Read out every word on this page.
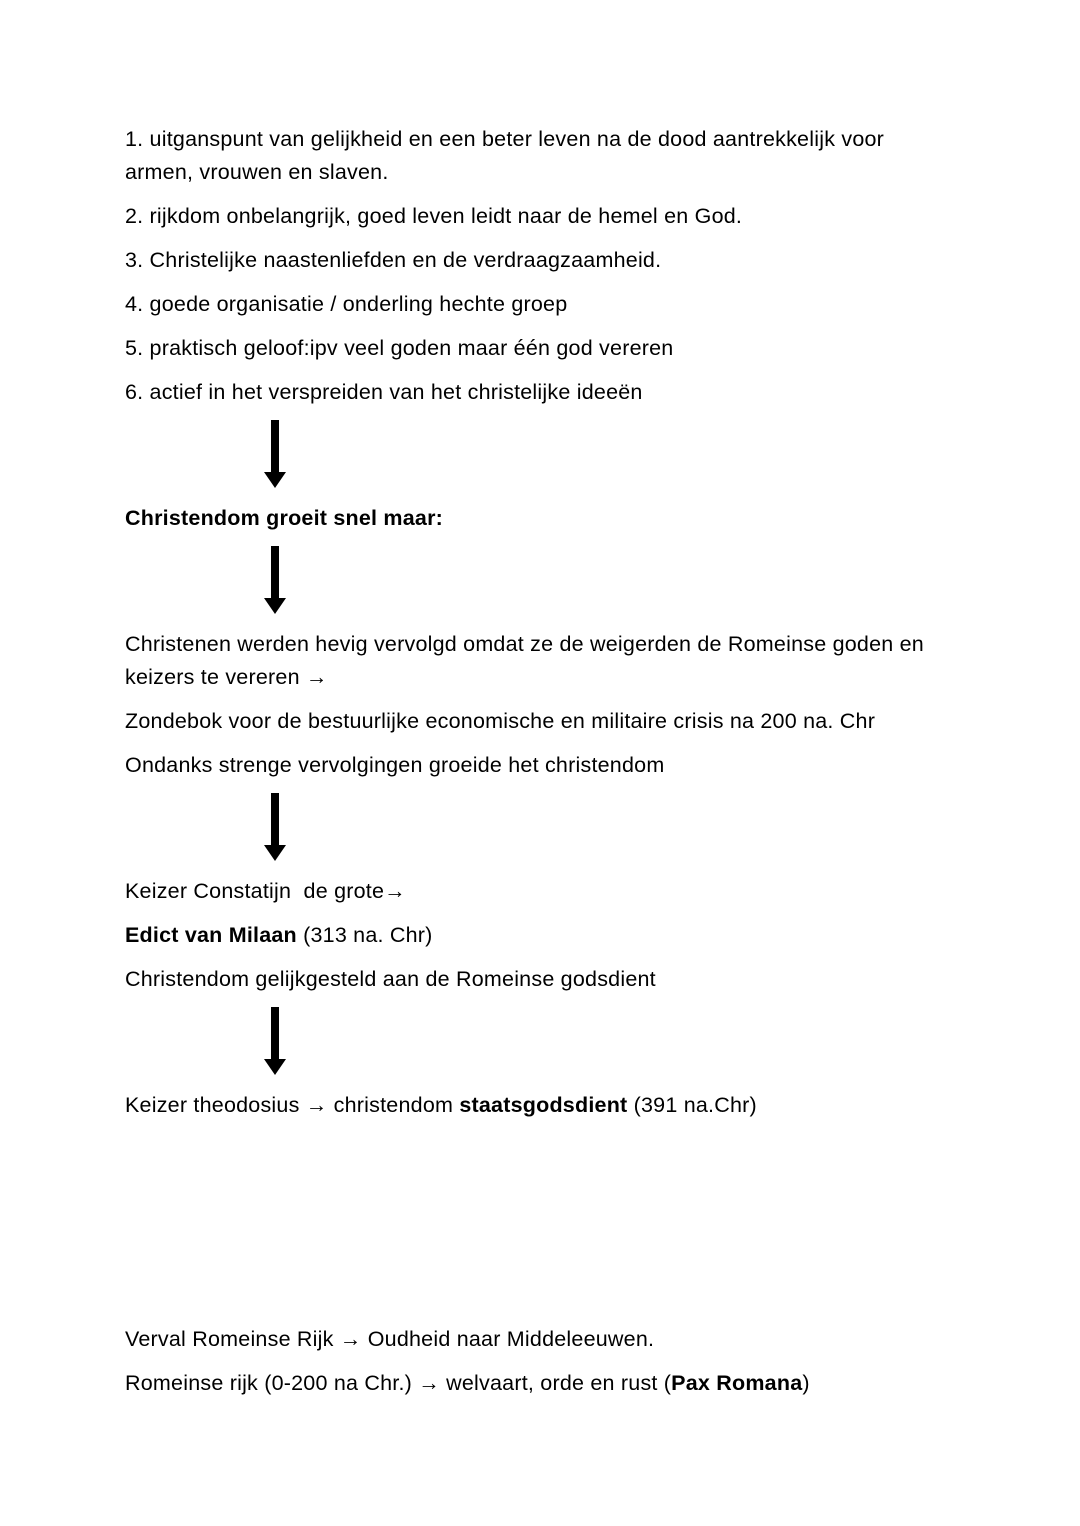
1. uitganspunt van gelijkheid en een beter leven na de dood aantrekkelijk voor armen, vrouwen en slaven.

2. rijkdom onbelangrijk, goed leven leidt naar de hemel en God.

3. Christelijke naastenliefden en de verdraagzaamheid.

4. goede organisatie / onderling hechte groep

5. praktisch geloof:ipv veel goden maar één god vereren

6. actief in het verspreiden van het christelijke ideeën

Christendom groeit snel maar:

Christenen werden hevig vervolgd omdat ze de weigerden de Romeinse goden en keizers te vereren →

Zondebok voor de bestuurlijke economische en militaire crisis na 200 na. Chr

Ondanks strenge vervolgingen groeide het christendom

Keizer Constatijn  de grote→

Edict van Milaan (313 na. Chr)

Christendom gelijkgesteld aan de Romeinse godsdient

Keizer theodosius → christendom staatsgodsdient (391 na.Chr)

Verval Romeinse Rijk → Oudheid naar Middeleeuwen.

Romeinse rijk (0-200 na Chr.) → welvaart, orde en rust (Pax Romana)
